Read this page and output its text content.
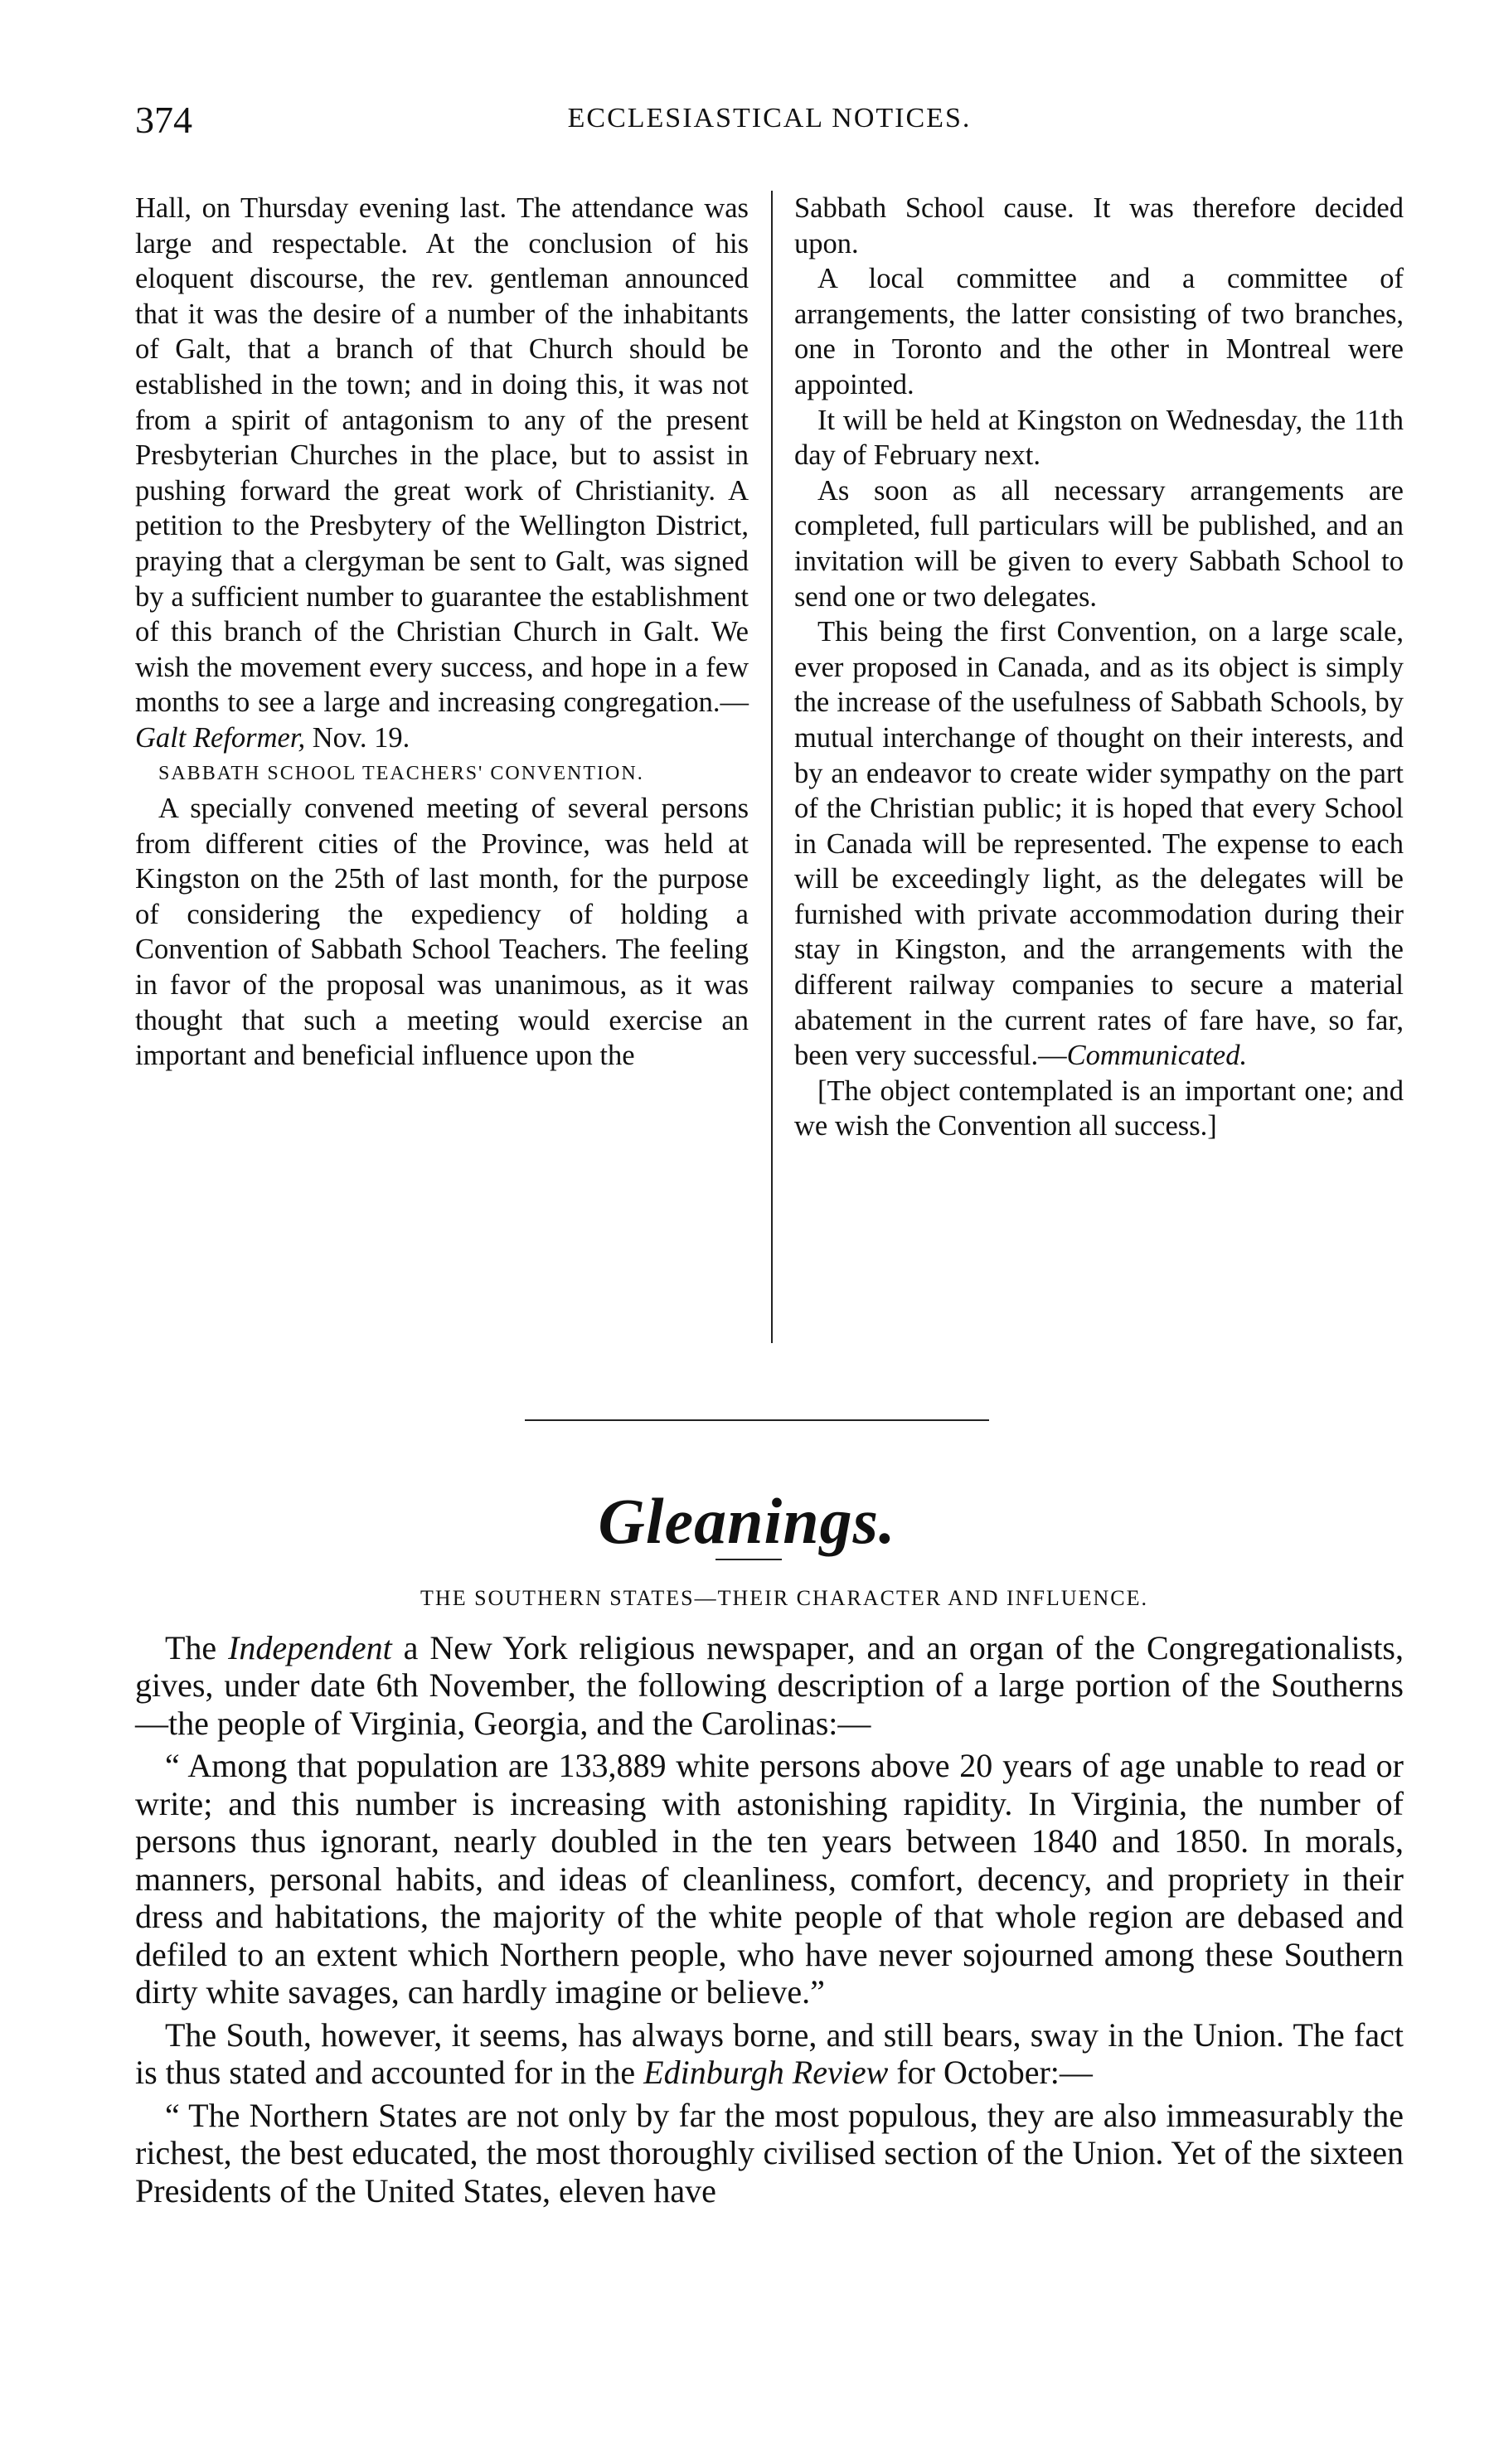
374	ECCLESIASTICAL NOTICES.

Hall, on Thursday evening last. The attendance was large and respectable. At the conclusion of his eloquent discourse, the rev. gentleman announced that it was the desire of a number of the inhabitants of Galt, that a branch of that Church should be established in the town; and in doing this, it was not from a spirit of antagonism to any of the present Presbyterian Churches in the place, but to assist in pushing forward the great work of Christianity. A petition to the Presbytery of the Wellington District, praying that a clergyman be sent to Galt, was signed by a sufficient number to guarantee the establishment of this branch of the Christian Church in Galt. We wish the movement every success, and hope in a few months to see a large and increasing congregation.—Galt Reformer, Nov. 19.

SABBATH SCHOOL TEACHERS' CONVENTION.

A specially convened meeting of several persons from different cities of the Province, was held at Kingston on the 25th of last month, for the purpose of considering the expediency of holding a Convention of Sabbath School Teachers. The feeling in favor of the proposal was unanimous, as it was thought that such a meeting would exercise an important and beneficial influence upon the

Sabbath School cause. It was therefore decided upon.

A local committee and a committee of arrangements, the latter consisting of two branches, one in Toronto and the other in Montreal were appointed.

It will be held at Kingston on Wednesday, the 11th day of February next.

As soon as all necessary arrangements are completed, full particulars will be published, and an invitation will be given to every Sabbath School to send one or two delegates.

This being the first Convention, on a large scale, ever proposed in Canada, and as its object is simply the increase of the usefulness of Sabbath Schools, by mutual interchange of thought on their interests, and by an endeavor to create wider sympathy on the part of the Christian public; it is hoped that every School in Canada will be represented. The expense to each will be exceedingly light, as the delegates will be furnished with private accommodation during their stay in Kingston, and the arrangements with the different railway companies to secure a material abatement in the current rates of fare have, so far, been very successful.—Communicated.

[The object contemplated is an important one; and we wish the Convention all success.]

Gleanings.

THE SOUTHERN STATES—THEIR CHARACTER AND INFLUENCE.

The Independent a New York religious newspaper, and an organ of the Congregationalists, gives, under date 6th November, the following description of a large portion of the Southerns—the people of Virginia, Georgia, and the Carolinas:—

“ Among that population are 133,889 white persons above 20 years of age unable to read or write; and this number is increasing with astonishing rapidity. In Virginia, the number of persons thus ignorant, nearly doubled in the ten years between 1840 and 1850. In morals, manners, personal habits, and ideas of cleanliness, comfort, decency, and propriety in their dress and habitations, the majority of the white people of that whole region are debased and defiled to an extent which Northern people, who have never sojourned among these Southern dirty white savages, can hardly imagine or believe.”

The South, however, it seems, has always borne, and still bears, sway in the Union. The fact is thus stated and accounted for in the Edinburgh Review for October:—

“ The Northern States are not only by far the most populous, they are also immeasurably the richest, the best educated, the most thoroughly civilised section of the Union. Yet of the sixteen Presidents of the United States, eleven have
